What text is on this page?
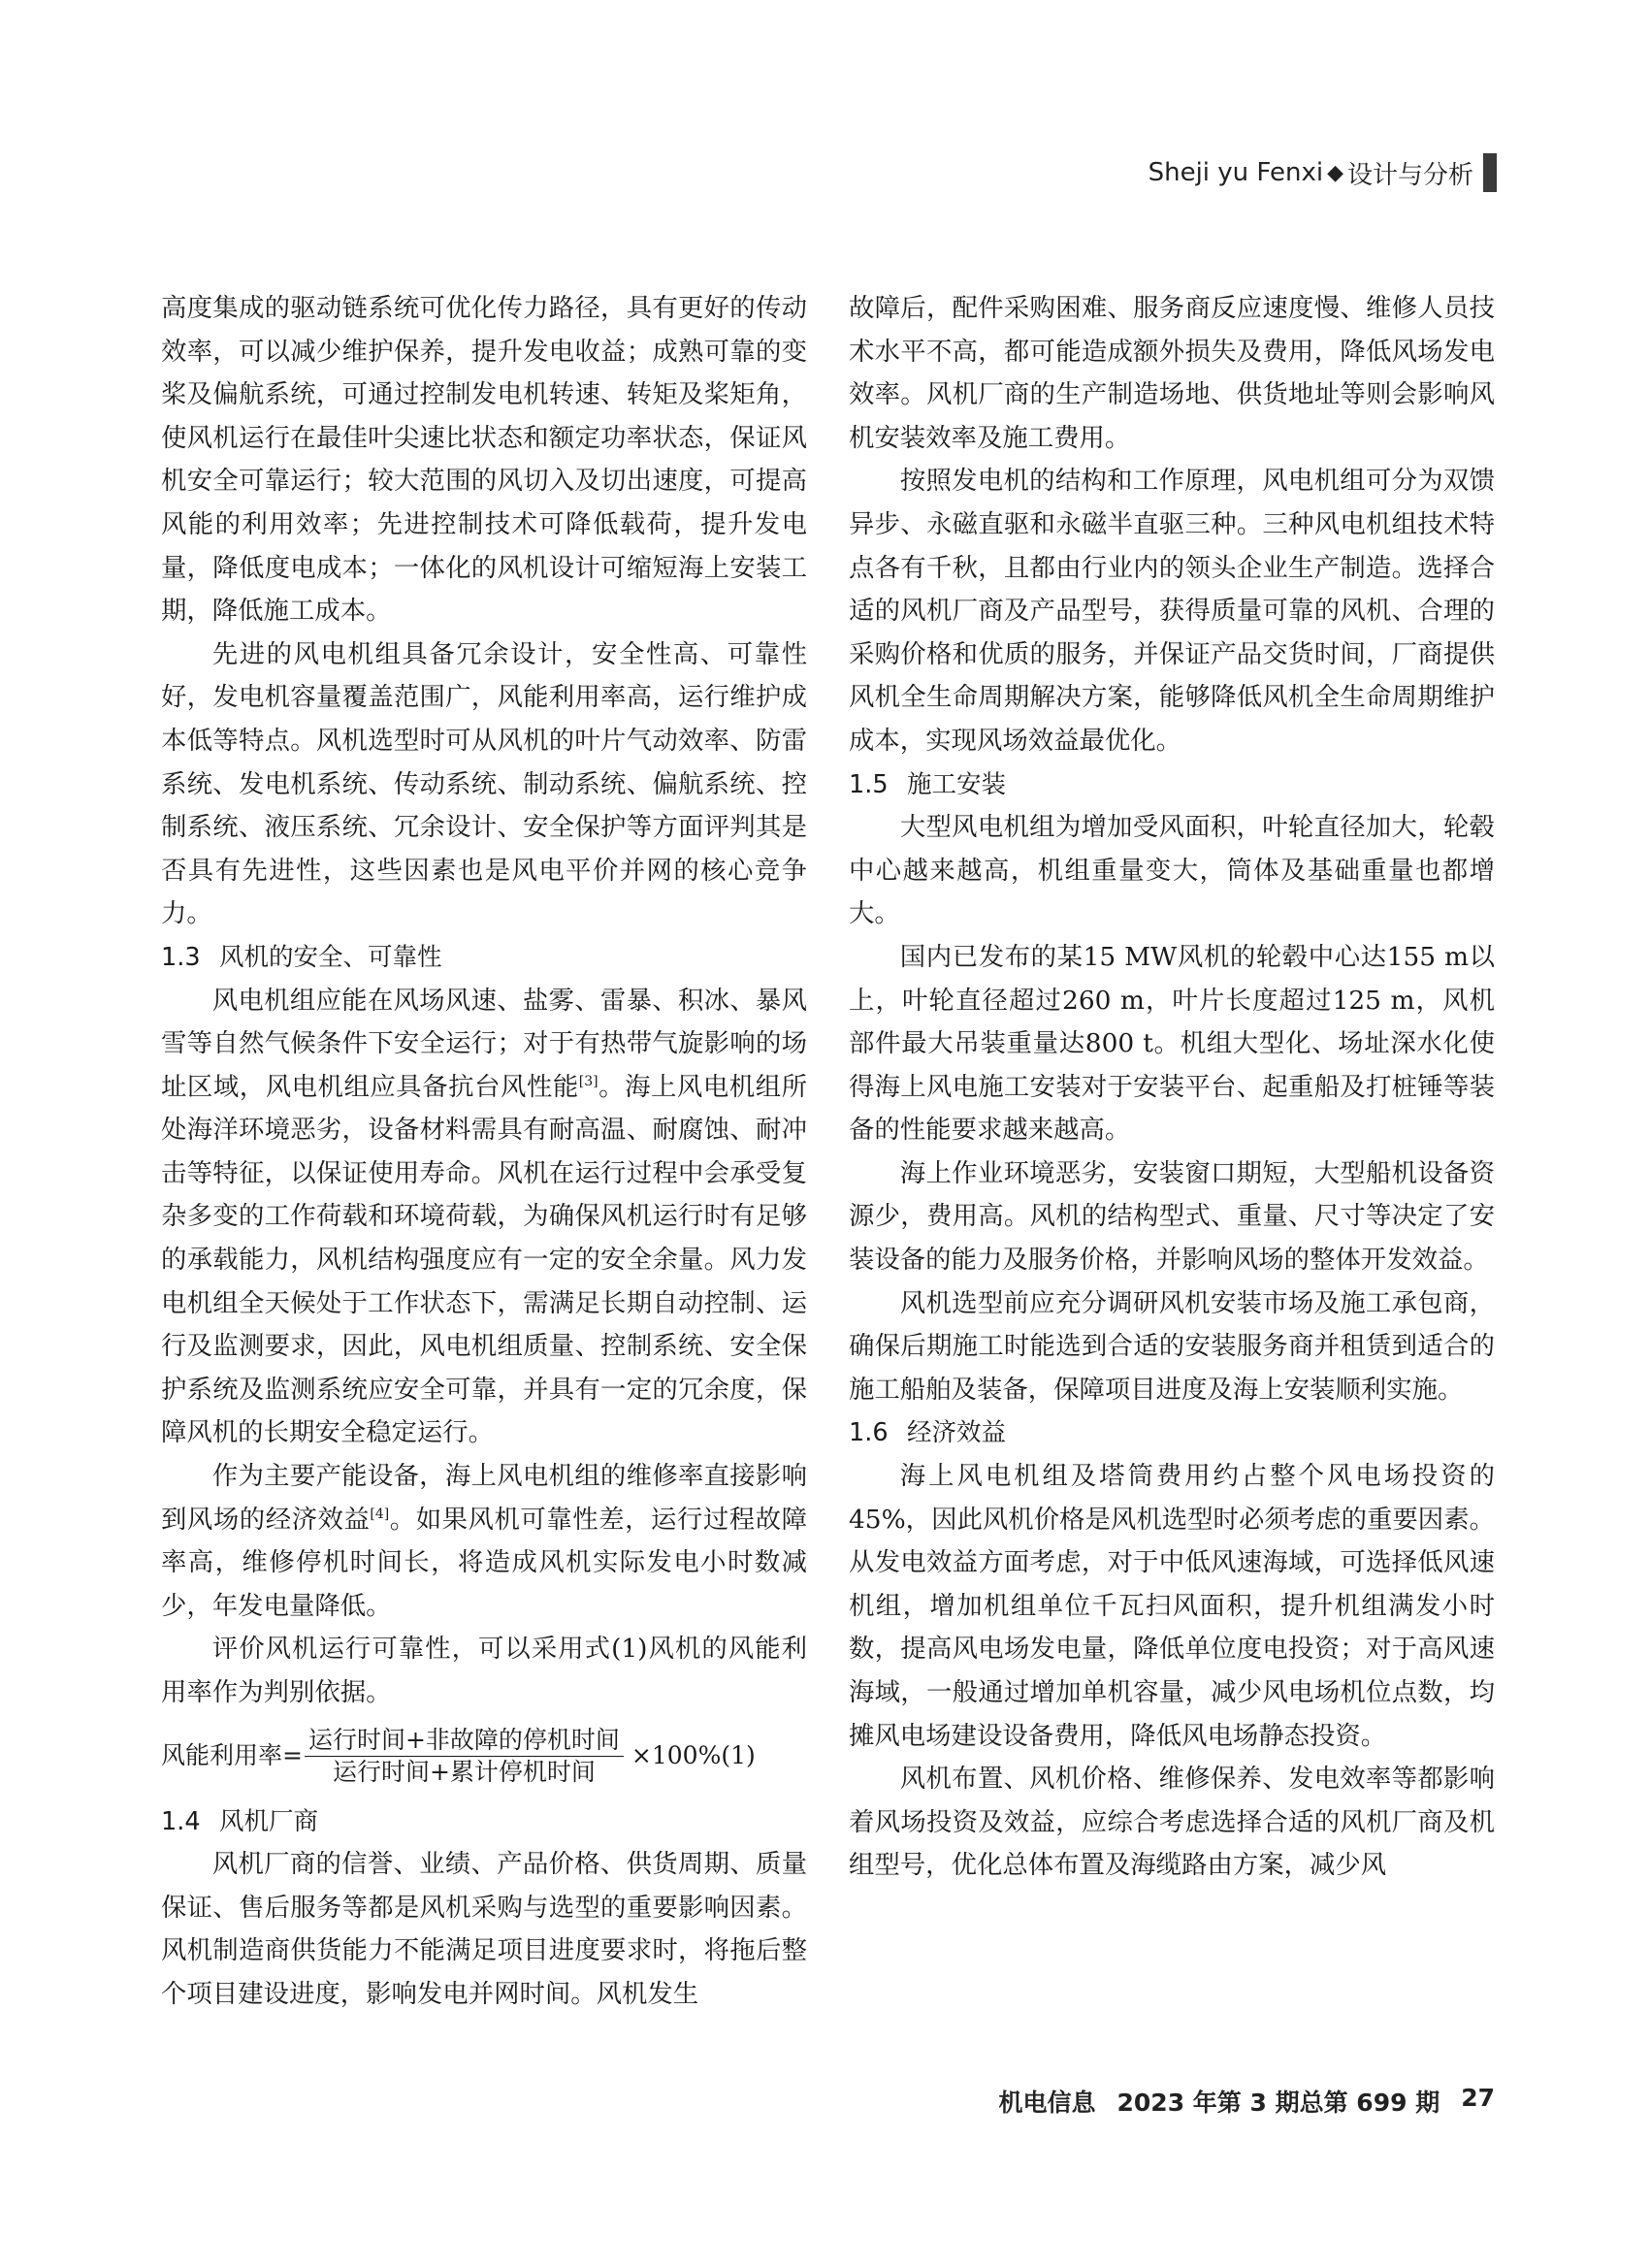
Sheji yu Fenxi ◆ 设计与分析

高度集成的驱动链系统可优化传力路径，具有更好的传动效率，可以减少维护保养，提升发电收益；成熟可靠的变桨及偏航系统，可通过控制发电机转速、转矩及桨矩角，使风机运行在最佳叶尖速比状态和额定功率状态，保证风机安全可靠运行；较大范围的风切入及切出速度，可提高风能的利用效率；先进控制技术可降低载荷，提升发电量，降低度电成本；一体化的风机设计可缩短海上安装工期，降低施工成本。

先进的风电机组具备冗余设计，安全性高、可靠性好，发电机容量覆盖范围广，风能利用率高，运行维护成本低等特点。风机选型时可从风机的叶片气动效率、防雷系统、发电机系统、传动系统、制动系统、偏航系统、控制系统、液压系统、冗余设计、安全保护等方面评判其是否具有先进性，这些因素也是风电平价并网的核心竞争力。

1.3 风机的安全、可靠性

风电机组应能在风场风速、盐雾、雷暴、积冰、暴风雪等自然气候条件下安全运行；对于有热带气旋影响的场址区域，风电机组应具备抗台风性能[3]。海上风电机组所处海洋环境恶劣，设备材料需具有耐高温、耐腐蚀、耐冲击等特征，以保证使用寿命。风机在运行过程中会承受复杂多变的工作荷载和环境荷载，为确保风机运行时有足够的承载能力，风机结构强度应有一定的安全余量。风力发电机组全天候处于工作状态下，需满足长期自动控制、运行及监测要求，因此，风电机组质量、控制系统、安全保护系统及监测系统应安全可靠，并具有一定的冗余度，保障风机的长期安全稳定运行。

作为主要产能设备，海上风电机组的维修率直接影响到风场的经济效益[4]。如果风机可靠性差，运行过程故障率高，维修停机时间长，将造成风机实际发电小时数减少，年发电量降低。

评价风机运行可靠性，可以采用式(1)风机的风能利用率作为判别依据。

风能利用率= $\frac{\text{运行时间+非故障的停机时间}}{\text{运行时间+累计停机时间}} \times 100\%$ (1)
1.4 风机厂商

风机厂商的信誉、业绩、产品价格、供货周期、质量保证、售后服务等都是风机采购与选型的重要影响因素。风机制造商供货能力不能满足项目进度要求时，将拖后整个项目建设进度，影响发电并网时间。风机发生

故障后，配件采购困难、服务商反应速度慢、维修人员技术水平不高，都可能造成额外损失及费用，降低风场发电效率。风机厂商的生产制造场地、供货地址等则会影响风机安装效率及施工费用。

按照发电机的结构和工作原理，风电机组可分为双馈异步、永磁直驱和永磁半直驱三种。三种风电机组技术特点各有千秋，且都由行业内的领头企业生产制造。选择合适的风机厂商及产品型号，获得质量可靠的风机、合理的采购价格和优质的服务，并保证产品交货时间，厂商提供风机全生命周期解决方案，能够降低风机全生命周期维护成本，实现风场效益最优化。

1.5 施工安装

大型风电机组为增加受风面积，叶轮直径加大，轮毂中心越来越高，机组重量变大，筒体及基础重量也都增大。

国内已发布的某15 MW风机的轮毂中心达155 m以上，叶轮直径超过260 m，叶片长度超过125 m，风机部件最大吊装重量达800 t。机组大型化、场址深水化使得海上风电施工安装对于安装平台、起重船及打桩锤等装备的性能要求越来越高。

海上作业环境恶劣，安装窗口期短，大型船机设备资源少，费用高。风机的结构型式、重量、尺寸等决定了安装设备的能力及服务价格，并影响风场的整体开发效益。

风机选型前应充分调研风机安装市场及施工承包商，确保后期施工时能选到合适的安装服务商并租赁到适合的施工船舶及装备，保障项目进度及海上安装顺利实施。

1.6 经济效益

海上风电机组及塔筒费用约占整个风电场投资的45%，因此风机价格是风机选型时必须考虑的重要因素。从发电效益方面考虑，对于中低风速海域，可选择低风速机组，增加机组单位千瓦扫风面积，提升机组满发小时数，提高风电场发电量，降低单位度电投资；对于高风速海域，一般通过增加单机容量，减少风电场机位点数，均摊风电场建设设备费用，降低风电场静态投资。

风机布置、风机价格、维修保养、发电效率等都影响着风场投资及效益，应综合考虑选择合适的风机厂商及机组型号，优化总体布置及海缆路由方案，减少风

机电信息 2023 年第 3 期总第 699 期 27
